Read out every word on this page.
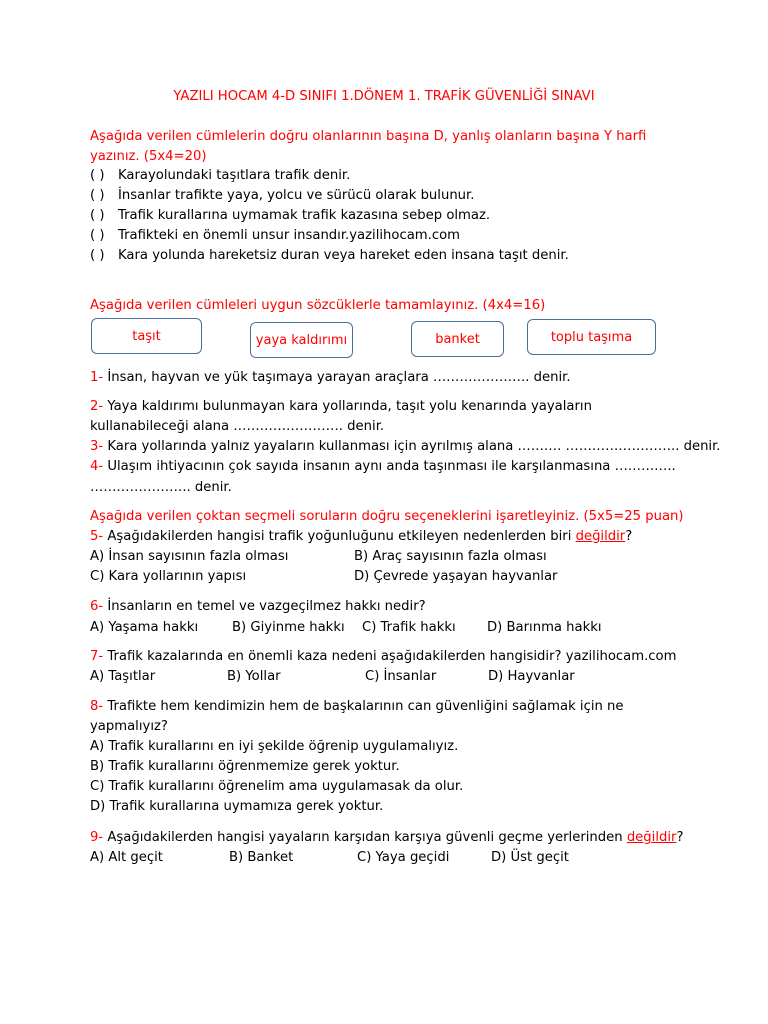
YAZILI HOCAM 4-D SINIFI 1.DÖNEM 1. TRAFİK GÜVENLİĞİ SINAVI
Aşağıda verilen cümlelerin doğru olanlarının başına D, yanlış olanların başına Y harfi
yazınız. (5x4=20)
( ) Karayolundaki taşıtlara trafik denir.
( ) İnsanlar trafikte yaya, yolcu ve sürücü olarak bulunur.
( ) Trafik kurallarına uymamak trafik kazasına sebep olmaz.
( ) Trafikteki en önemli unsur insandır.yazilihocam.com
( ) Kara yolunda hareketsiz duran veya hareket eden insana taşıt denir.
Aşağıda verilen cümleleri uygun sözcüklerle tamamlayınız. (4x4=16)
taşıt	yaya kaldırımı	banket	toplu taşıma
1- İnsan, hayvan ve yük taşımaya yarayan araçlara …………………. denir.
2- Yaya kaldırımı bulunmayan kara yollarında, taşıt yolu kenarında yayaların
kullanabileceği alana ……………………. denir.
3- Kara yollarında yalnız yayaların kullanması için ayrılmış alana ………. …………………….. denir.
4- Ulaşım ihtiyacının çok sayıda insanın aynı anda taşınması ile karşılanmasına …………..
………………….. denir.
Aşağıda verilen çoktan seçmeli soruların doğru seçeneklerini işaretleyiniz. (5x5=25 puan)
5- Aşağıdakilerden hangisi trafik yoğunluğunu etkileyen nedenlerden biri değildir?
A) İnsan sayısının fazla olması	B) Araç sayısının fazla olması
C) Kara yollarının yapısı	D) Çevrede yaşayan hayvanlar
6- İnsanların en temel ve vazgeçilmez hakkı nedir?
A) Yaşama hakkı	B) Giyinme hakkı C) Trafik hakkı D) Barınma hakkı
7- Trafik kazalarında en önemli kaza nedeni aşağıdakilerden hangisidir? yazilihocam.com
A) Taşıtlar	B) Yollar	C) İnsanlar	D) Hayvanlar
8- Trafikte hem kendimizin hem de başkalarının can güvenliğini sağlamak için ne
yapmalıyız?
A) Trafik kurallarını en iyi şekilde öğrenip uygulamalıyız.
B) Trafik kurallarını öğrenmemize gerek yoktur.
C) Trafik kurallarını öğrenelim ama uygulamasak da olur.
D) Trafik kurallarına uymamıza gerek yoktur.
9- Aşağıdakilerden hangisi yayaların karşıdan karşıya güvenli geçme yerlerinden değildir?
A) Alt geçit	B) Banket	C) Yaya geçidi	D) Üst geçit
